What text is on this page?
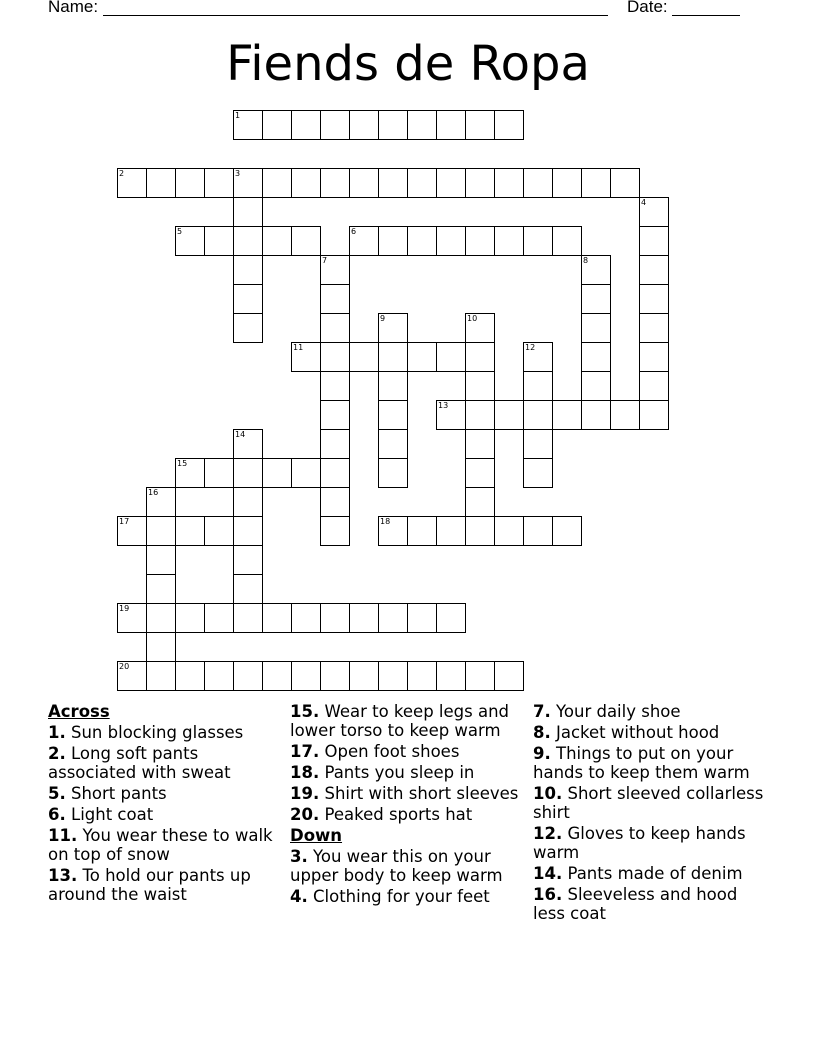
Name:	Date:
Fiends de Ropa
1
2	3
4
5	6
7	8
9	10
11	12
13
14
15
16
17	18
19
20
Across
1. Sun blocking glasses
2. Long soft pants associated with sweat
5. Short pants
6. Light coat
11. You wear these to walk on top of snow
13. To hold our pants up around the waist
15. Wear to keep legs and lower torso to keep warm
17. Open foot shoes
18. Pants you sleep in
19. Shirt with short sleeves
20. Peaked sports hat
Down
3. You wear this on your upper body to keep warm
4. Clothing for your feet
7. Your daily shoe
8. Jacket without hood
9. Things to put on your hands to keep them warm
10. Short sleeved collarless shirt
12. Gloves to keep hands warm
14. Pants made of denim
16. Sleeveless and hood less coat
